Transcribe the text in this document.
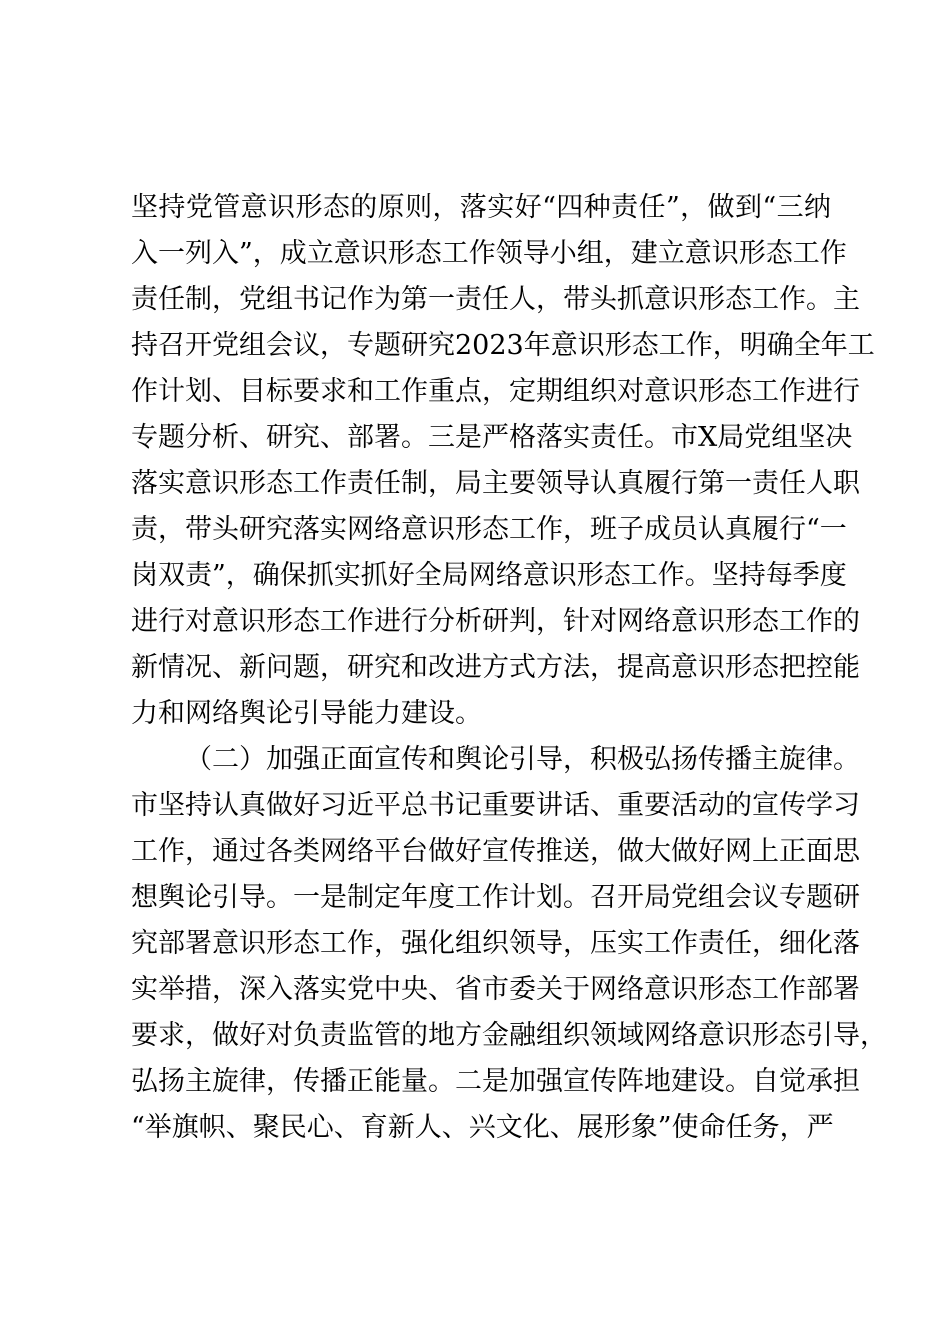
坚持党管意识形态的原则，落实好“四种责任”，做到“三纳
入一列入”，成立意识形态工作领导小组，建立意识形态工作
责任制，党组书记作为第一责任人，带头抓意识形态工作。主
持召开党组会议，专题研究2023年意识形态工作，明确全年工
作计划、目标要求和工作重点，定期组织对意识形态工作进行
专题分析、研究、部署。三是严格落实责任。市X局党组坚决
落实意识形态工作责任制，局主要领导认真履行第一责任人职
责，带头研究落实网络意识形态工作，班子成员认真履行“一
岗双责”，确保抓实抓好全局网络意识形态工作。坚持每季度
进行对意识形态工作进行分析研判，针对网络意识形态工作的
新情况、新问题，研究和改进方式方法，提高意识形态把控能
力和网络舆论引导能力建设。
（二）加强正面宣传和舆论引导，积极弘扬传播主旋律。
市坚持认真做好习近平总书记重要讲话、重要活动的宣传学习
工作，通过各类网络平台做好宣传推送，做大做好网上正面思
想舆论引导。一是制定年度工作计划。召开局党组会议专题研
究部署意识形态工作，强化组织领导，压实工作责任，细化落
实举措，深入落实党中央、省市委关于网络意识形态工作部署
要求，做好对负责监管的地方金融组织领域网络意识形态引导，
弘扬主旋律，传播正能量。二是加强宣传阵地建设。自觉承担
“举旗帜、聚民心、育新人、兴文化、展形象”使命任务，严
